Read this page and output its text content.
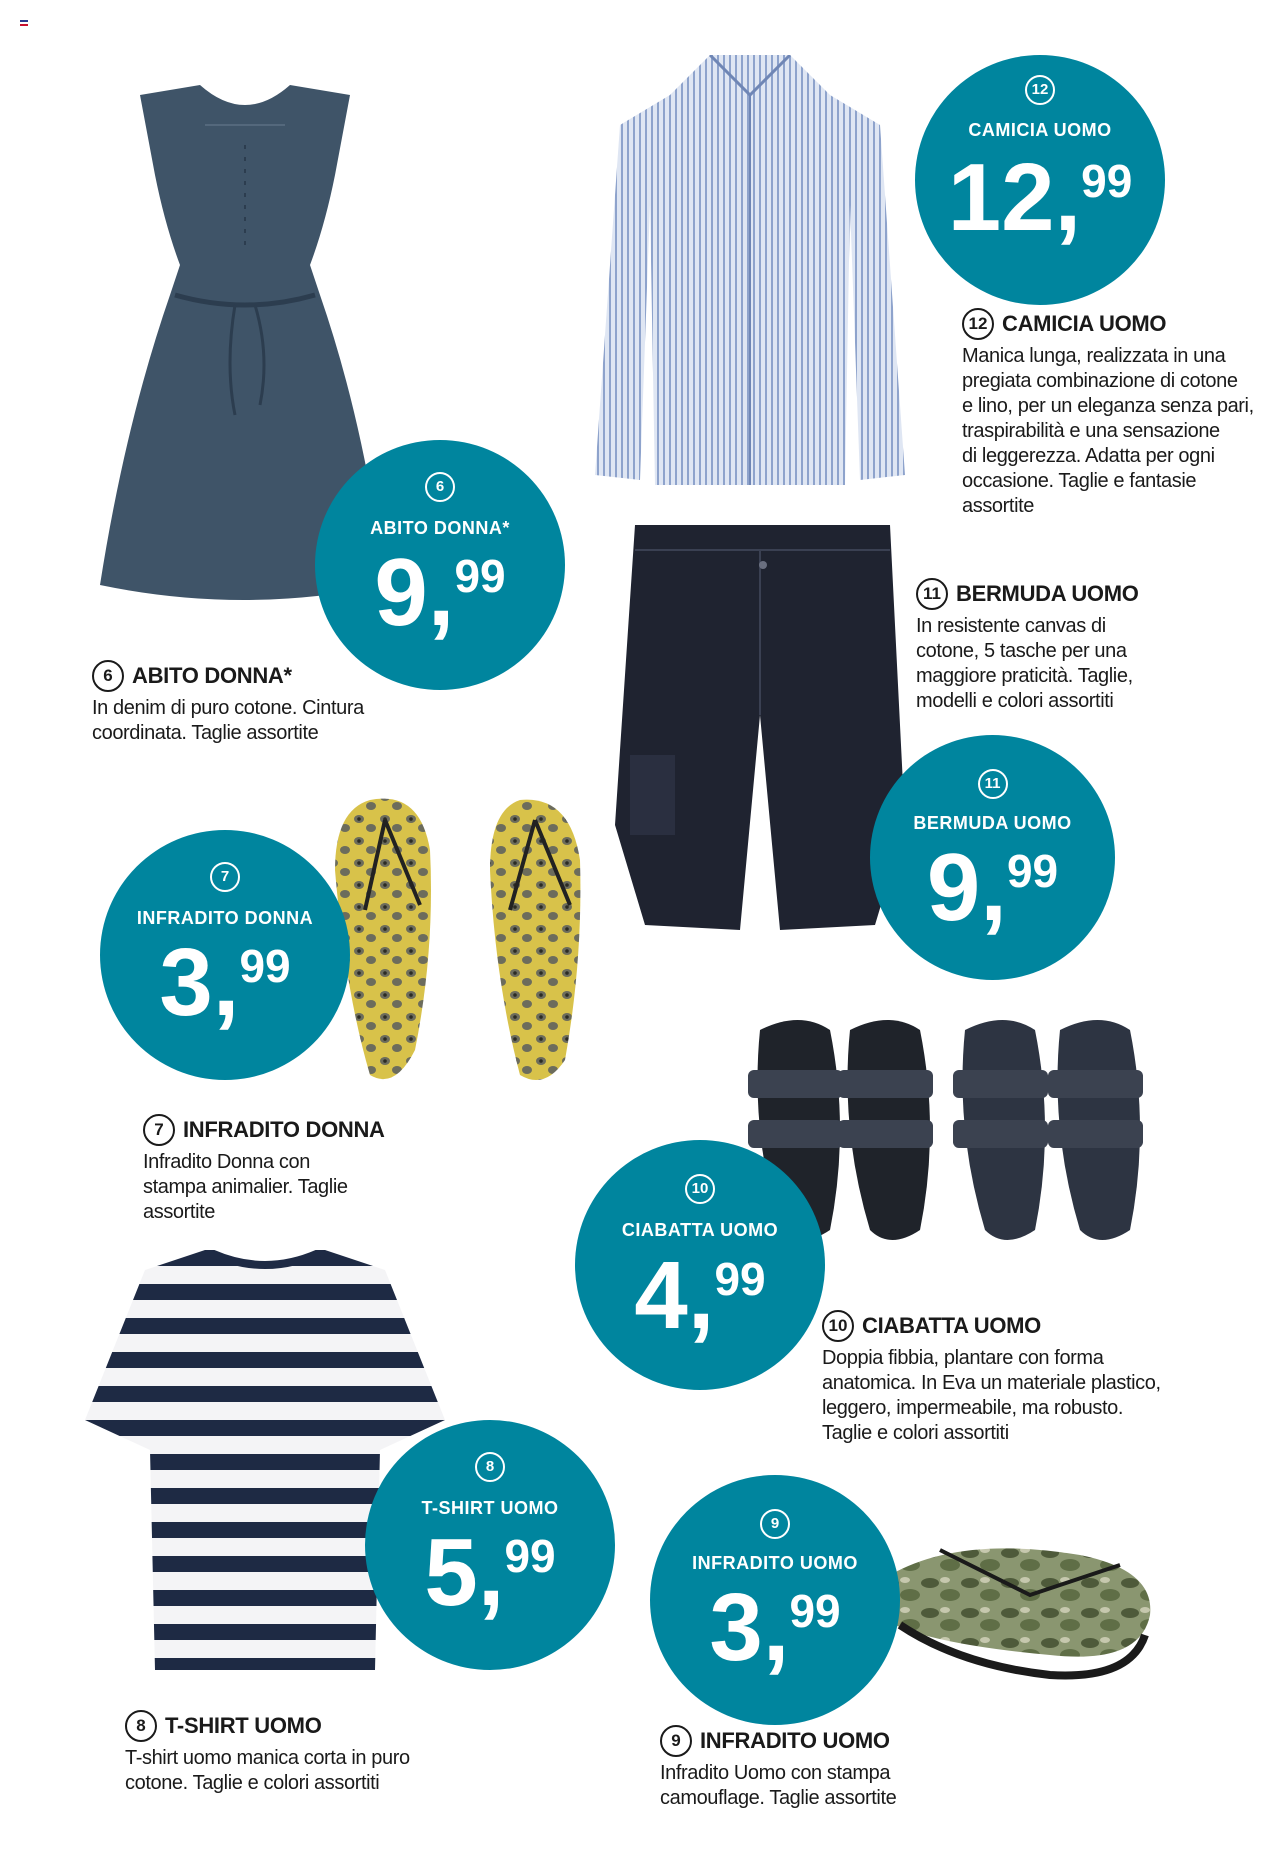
12
CAMICIA UOMO
12,99
6
ABITO DONNA*
9,99
11
BERMUDA UOMO
9,99
7
INFRADITO DONNA
3,99
10
CIABATTA UOMO
4,99
8
T-SHIRT UOMO
5,99
9
INFRADITO UOMO
3,99
12 CAMICIA UOMO
Manica lunga, realizzata in una
pregiata combinazione di cotone
e lino, per un eleganza senza pari,
traspirabilità e una sensazione
di leggerezza. Adatta per ogni
occasione. Taglie e fantasie
assortite
6 ABITO DONNA*
In denim di puro cotone. Cintura
coordinata. Taglie assortite
11 BERMUDA UOMO
In resistente canvas di
cotone, 5 tasche per una
maggiore praticità. Taglie,
modelli e colori assortiti
7 INFRADITO DONNA
Infradito Donna con
stampa animalier. Taglie
assortite
10 CIABATTA UOMO
Doppia fibbia, plantare con forma
anatomica. In Eva un materiale plastico,
leggero, impermeabile, ma robusto.
Taglie e colori assortiti
8 T-SHIRT UOMO
T-shirt uomo manica corta in puro
cotone. Taglie e colori assortiti
9 INFRADITO UOMO
Infradito Uomo con stampa
camouflage. Taglie assortite
